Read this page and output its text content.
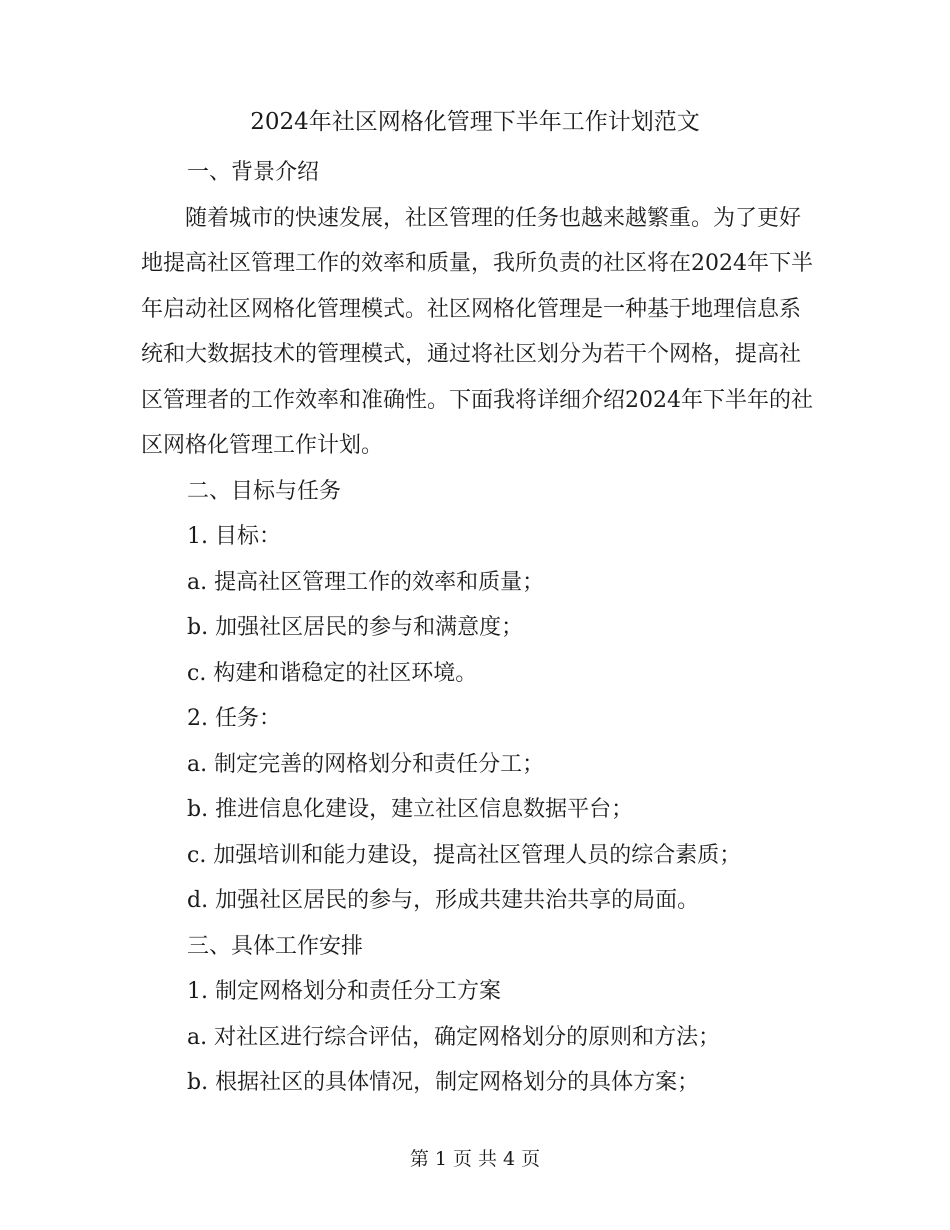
2024年社区网格化管理下半年工作计划范文

一、背景介绍

随着城市的快速发展，社区管理的任务也越来越繁重。为了更好地提高社区管理工作的效率和质量，我所负责的社区将在2024年下半年启动社区网格化管理模式。社区网格化管理是一种基于地理信息系统和大数据技术的管理模式，通过将社区划分为若干个网格，提高社区管理者的工作效率和准确性。下面我将详细介绍2024年下半年的社区网格化管理工作计划。

二、目标与任务

1. 目标：

a. 提高社区管理工作的效率和质量；

b. 加强社区居民的参与和满意度；

c. 构建和谐稳定的社区环境。

2. 任务：

a. 制定完善的网格划分和责任分工；

b. 推进信息化建设，建立社区信息数据平台；

c. 加强培训和能力建设，提高社区管理人员的综合素质；

d. 加强社区居民的参与，形成共建共治共享的局面。

三、具体工作安排

1. 制定网格划分和责任分工方案

a. 对社区进行综合评估，确定网格划分的原则和方法；

b. 根据社区的具体情况，制定网格划分的具体方案；

第 1 页 共 4 页
